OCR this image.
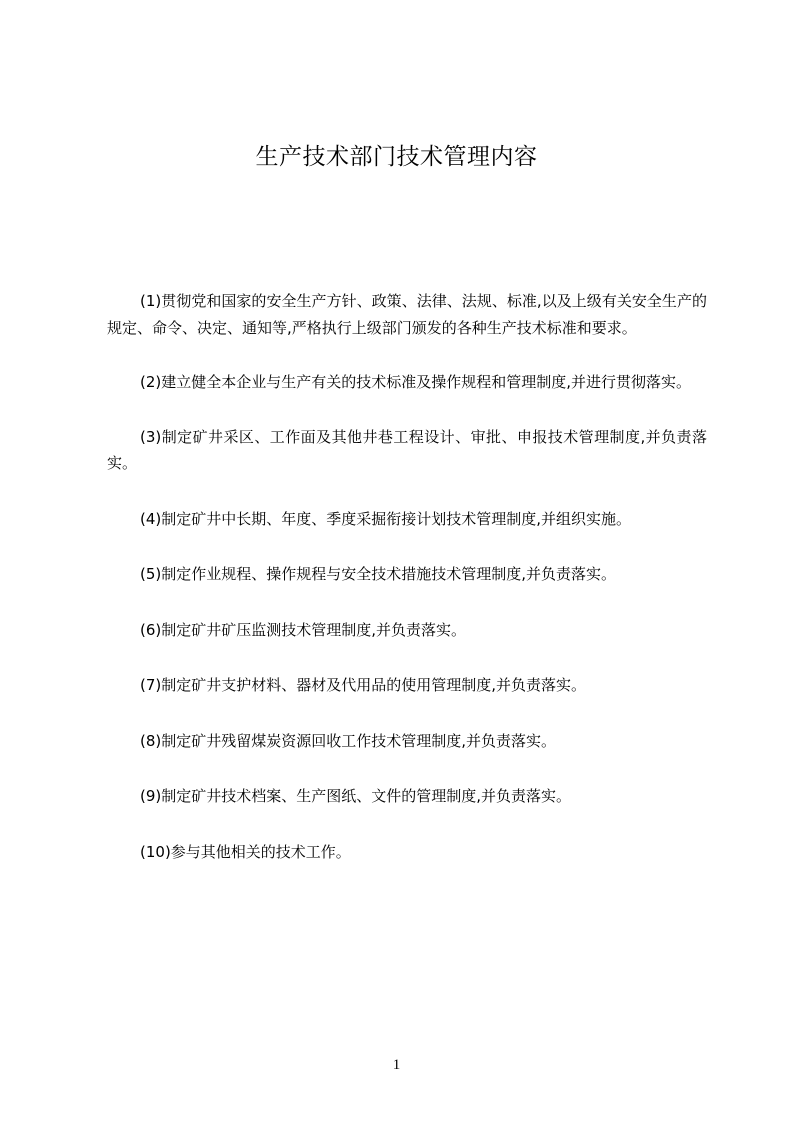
生产技术部门技术管理内容

(1)贯彻党和国家的安全生产方针、政策、法律、法规、标准,以及上级有关安全生产的规定、命令、决定、通知等,严格执行上级部门颁发的各种生产技术标准和要求。

(2)建立健全本企业与生产有关的技术标准及操作规程和管理制度,并进行贯彻落实。

(3)制定矿井采区、工作面及其他井巷工程设计、审批、申报技术管理制度,并负责落实。

(4)制定矿井中长期、年度、季度采掘衔接计划技术管理制度,并组织实施。

(5)制定作业规程、操作规程与安全技术措施技术管理制度,并负责落实。

(6)制定矿井矿压监测技术管理制度,并负责落实。

(7)制定矿井支护材料、器材及代用品的使用管理制度,并负责落实。

(8)制定矿井残留煤炭资源回收工作技术管理制度,并负责落实。

(9)制定矿井技术档案、生产图纸、文件的管理制度,并负责落实。

(10)参与其他相关的技术工作。

1
